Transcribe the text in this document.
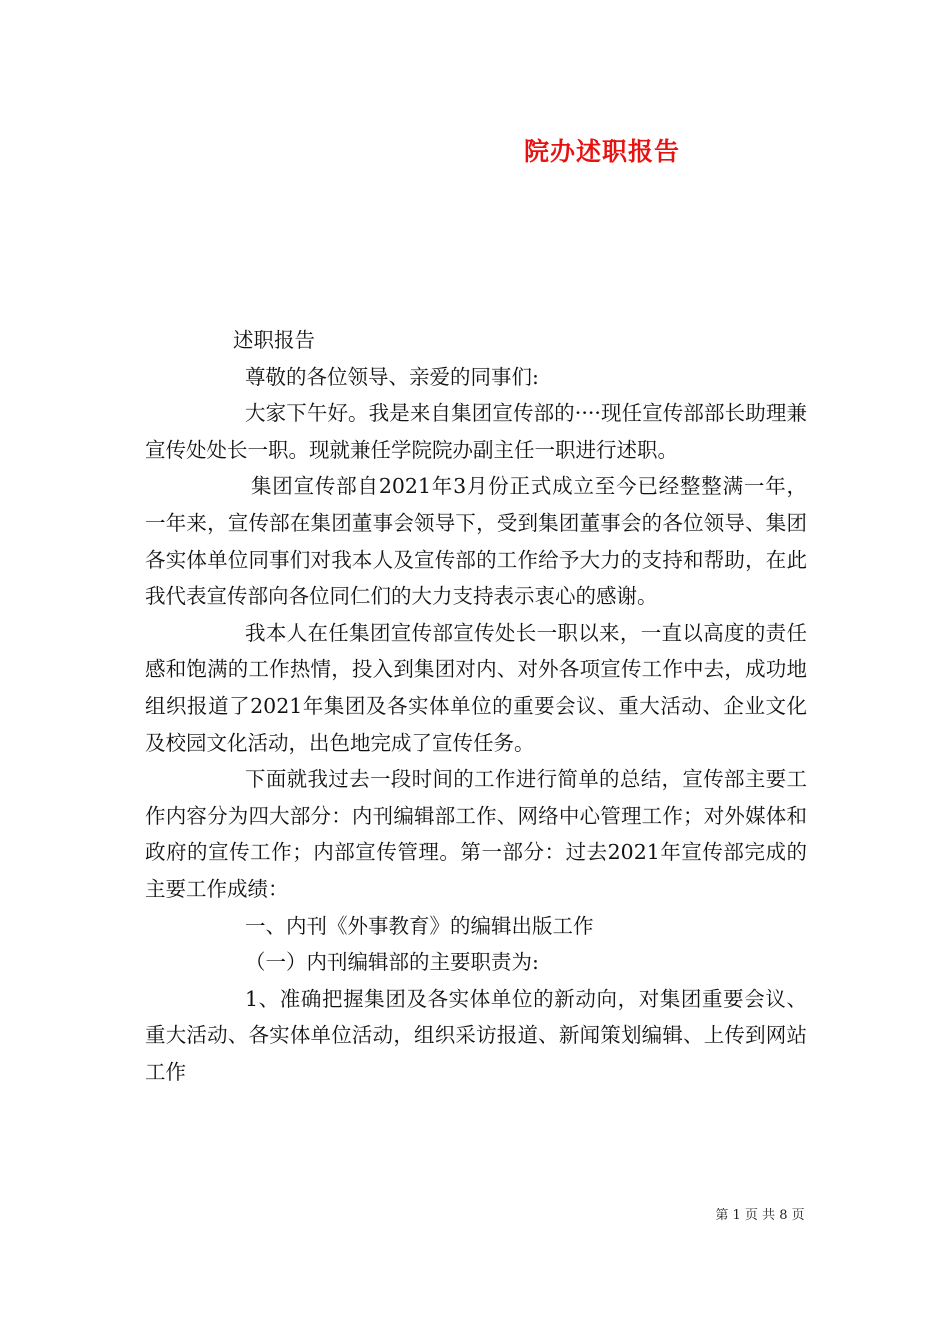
院办述职报告

述职报告

尊敬的各位领导、亲爱的同事们:

大家下午好。我是来自集团宣传部的····现任宣传部部长助理兼宣传处处长一职。现就兼任学院院办副主任一职进行述职。

集团宣传部自2021年3月份正式成立至今已经整整满一年，一年来，宣传部在集团董事会领导下，受到集团董事会的各位领导、集团各实体单位同事们对我本人及宣传部的工作给予大力的支持和帮助，在此我代表宣传部向各位同仁们的大力支持表示衷心的感谢。

我本人在任集团宣传部宣传处长一职以来，一直以高度的责任感和饱满的工作热情，投入到集团对内、对外各项宣传工作中去，成功地组织报道了2021年集团及各实体单位的重要会议、重大活动、企业文化及校园文化活动，出色地完成了宣传任务。

下面就我过去一段时间的工作进行简单的总结，宣传部主要工作内容分为四大部分：内刊编辑部工作、网络中心管理工作；对外媒体和政府的宣传工作；内部宣传管理。第一部分：过去2021年宣传部完成的主要工作成绩：

一、内刊《外事教育》的编辑出版工作

（一）内刊编辑部的主要职责为:

1、准确把握集团及各实体单位的新动向，对集团重要会议、重大活动、各实体单位活动，组织采访报道、新闻策划编辑、上传到网站工作

第 1 页 共 8 页
